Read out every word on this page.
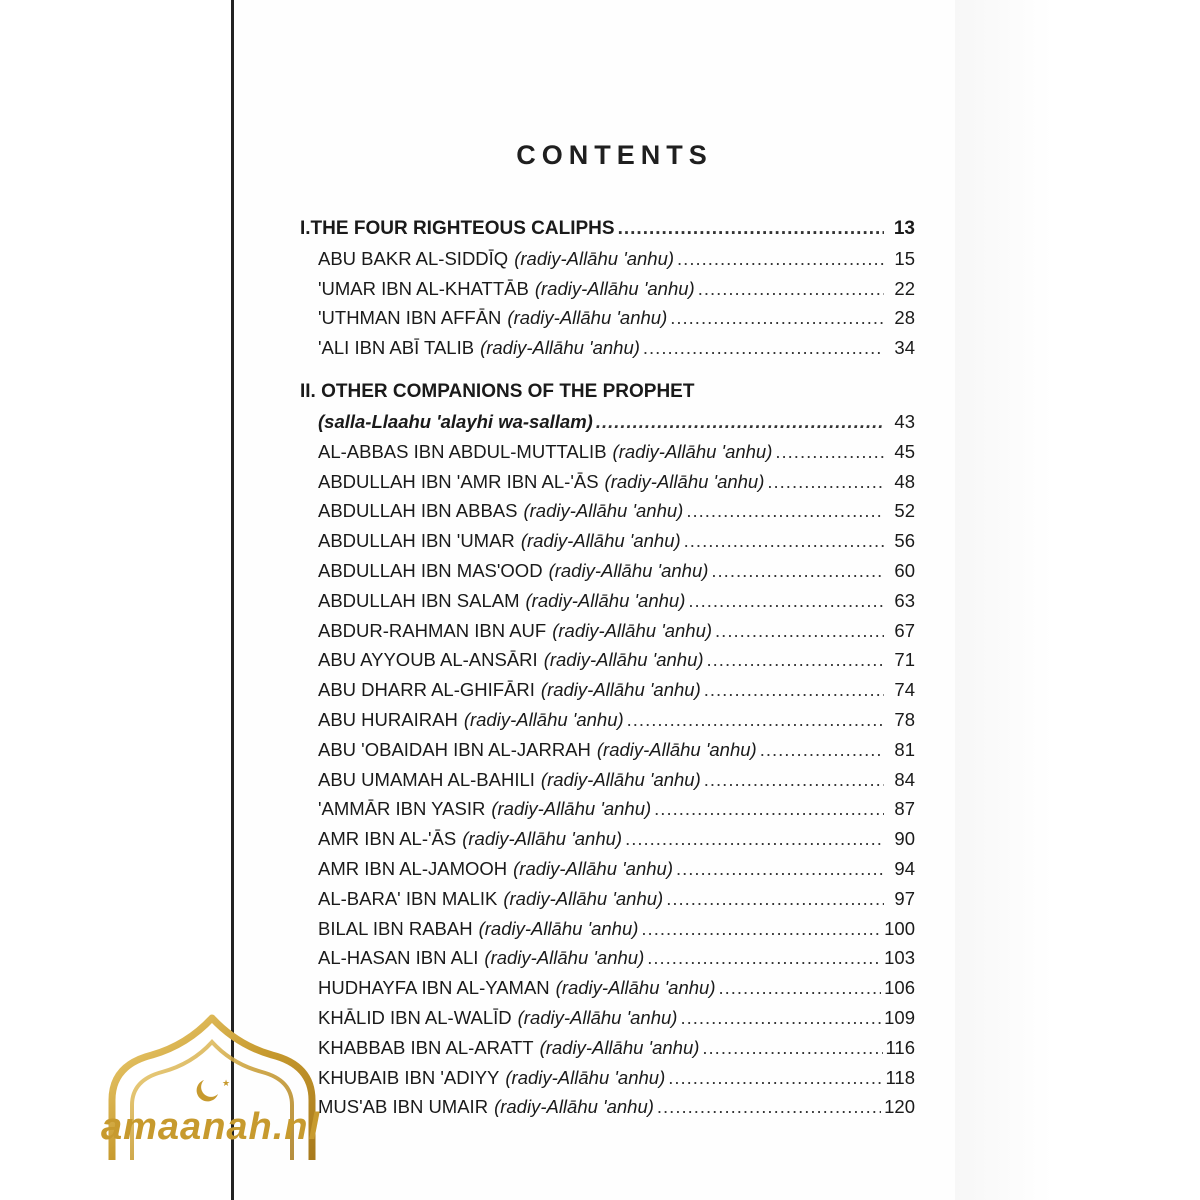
CONTENTS
I.THE FOUR RIGHTEOUS CALIPHS .....	13
ABU BAKR AL-SIDDĪQ (radiy-Allāhu 'anhu) .....	15
'UMAR IBN AL-KHATTĀB (radiy-Allāhu 'anhu) .....	22
'UTHMAN IBN AFFĀN (radiy-Allāhu 'anhu) .....	28
'ALI IBN ABĪ TALIB (radiy-Allāhu 'anhu) .....	34
II. OTHER COMPANIONS OF THE PROPHET
(salla-Llaahu 'alayhi wa-sallam) .....	43
AL-ABBAS IBN ABDUL-MUTTALIB (radiy-Allāhu 'anhu) .....	45
ABDULLAH IBN 'AMR IBN AL-'ĀS (radiy-Allāhu 'anhu) .....	48
ABDULLAH IBN ABBAS (radiy-Allāhu 'anhu) .....	52
ABDULLAH IBN 'UMAR (radiy-Allāhu 'anhu) .....	56
ABDULLAH IBN MAS'OOD (radiy-Allāhu 'anhu) .....	60
ABDULLAH IBN SALAM (radiy-Allāhu 'anhu) .....	63
ABDUR-RAHMAN IBN AUF (radiy-Allāhu 'anhu) .....	67
ABU AYYOUB AL-ANSĀRI (radiy-Allāhu 'anhu) .....	71
ABU DHARR AL-GHIFĀRI (radiy-Allāhu 'anhu) .....	74
ABU HURAIRAH (radiy-Allāhu 'anhu) .....	78
ABU 'OBAIDAH IBN AL-JARRAH (radiy-Allāhu 'anhu) .....	81
ABU UMAMAH AL-BAHILI (radiy-Allāhu 'anhu) .....	84
'AMMĀR IBN YASIR (radiy-Allāhu 'anhu) .....	87
AMR IBN AL-'ĀS (radiy-Allāhu 'anhu) .....	90
AMR IBN AL-JAMOOH (radiy-Allāhu 'anhu) .....	94
AL-BARA' IBN MALIK (radiy-Allāhu 'anhu) .....	97
BILAL IBN RABAH (radiy-Allāhu 'anhu) .....	100
AL-HASAN IBN ALI (radiy-Allāhu 'anhu) .....	103
HUDHAYFA IBN AL-YAMAN (radiy-Allāhu 'anhu) .....	106
KHĀLID IBN AL-WALĪD (radiy-Allāhu 'anhu) .....	109
KHABBAB IBN AL-ARATT (radiy-Allāhu 'anhu) .....	116
KHUBAIB IBN 'ADIYY (radiy-Allāhu 'anhu) .....	118
MUS'AB IBN UMAIR (radiy-Allāhu 'anhu) .....	120
★
amaanah.nl
